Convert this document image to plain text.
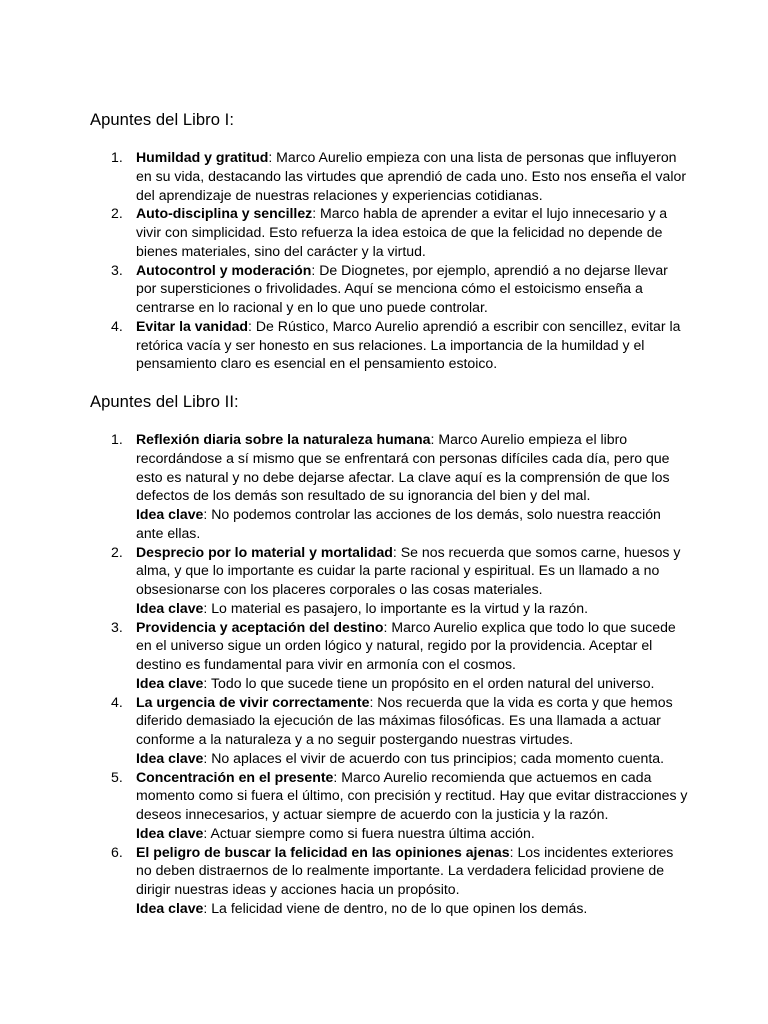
Apuntes del Libro I:
1. Humildad y gratitud: Marco Aurelio empieza con una lista de personas que influyeron
en su vida, destacando las virtudes que aprendió de cada uno. Esto nos enseña el valor
del aprendizaje de nuestras relaciones y experiencias cotidianas.
2. Auto-disciplina y sencillez: Marco habla de aprender a evitar el lujo innecesario y a
vivir con simplicidad. Esto refuerza la idea estoica de que la felicidad no depende de
bienes materiales, sino del carácter y la virtud.
3. Autocontrol y moderación: De Diognetes, por ejemplo, aprendió a no dejarse llevar
por supersticiones o frivolidades. Aquí se menciona cómo el estoicismo enseña a
centrarse en lo racional y en lo que uno puede controlar.
4. Evitar la vanidad: De Rústico, Marco Aurelio aprendió a escribir con sencillez, evitar la
retórica vacía y ser honesto en sus relaciones. La importancia de la humildad y el
pensamiento claro es esencial en el pensamiento estoico.
Apuntes del Libro II:
1. Reflexión diaria sobre la naturaleza humana: Marco Aurelio empieza el libro
recordándose a sí mismo que se enfrentará con personas difíciles cada día, pero que
esto es natural y no debe dejarse afectar. La clave aquí es la comprensión de que los
defectos de los demás son resultado de su ignorancia del bien y del mal.
Idea clave: No podemos controlar las acciones de los demás, solo nuestra reacción
ante ellas.
2. Desprecio por lo material y mortalidad: Se nos recuerda que somos carne, huesos y
alma, y que lo importante es cuidar la parte racional y espiritual. Es un llamado a no
obsesionarse con los placeres corporales o las cosas materiales.
Idea clave: Lo material es pasajero, lo importante es la virtud y la razón.
3. Providencia y aceptación del destino: Marco Aurelio explica que todo lo que sucede
en el universo sigue un orden lógico y natural, regido por la providencia. Aceptar el
destino es fundamental para vivir en armonía con el cosmos.
Idea clave: Todo lo que sucede tiene un propósito en el orden natural del universo.
4. La urgencia de vivir correctamente: Nos recuerda que la vida es corta y que hemos
diferido demasiado la ejecución de las máximas filosóficas. Es una llamada a actuar
conforme a la naturaleza y a no seguir postergando nuestras virtudes.
Idea clave: No aplaces el vivir de acuerdo con tus principios; cada momento cuenta.
5. Concentración en el presente: Marco Aurelio recomienda que actuemos en cada
momento como si fuera el último, con precisión y rectitud. Hay que evitar distracciones y
deseos innecesarios, y actuar siempre de acuerdo con la justicia y la razón.
Idea clave: Actuar siempre como si fuera nuestra última acción.
6. El peligro de buscar la felicidad en las opiniones ajenas: Los incidentes exteriores
no deben distraernos de lo realmente importante. La verdadera felicidad proviene de
dirigir nuestras ideas y acciones hacia un propósito.
Idea clave: La felicidad viene de dentro, no de lo que opinen los demás.
